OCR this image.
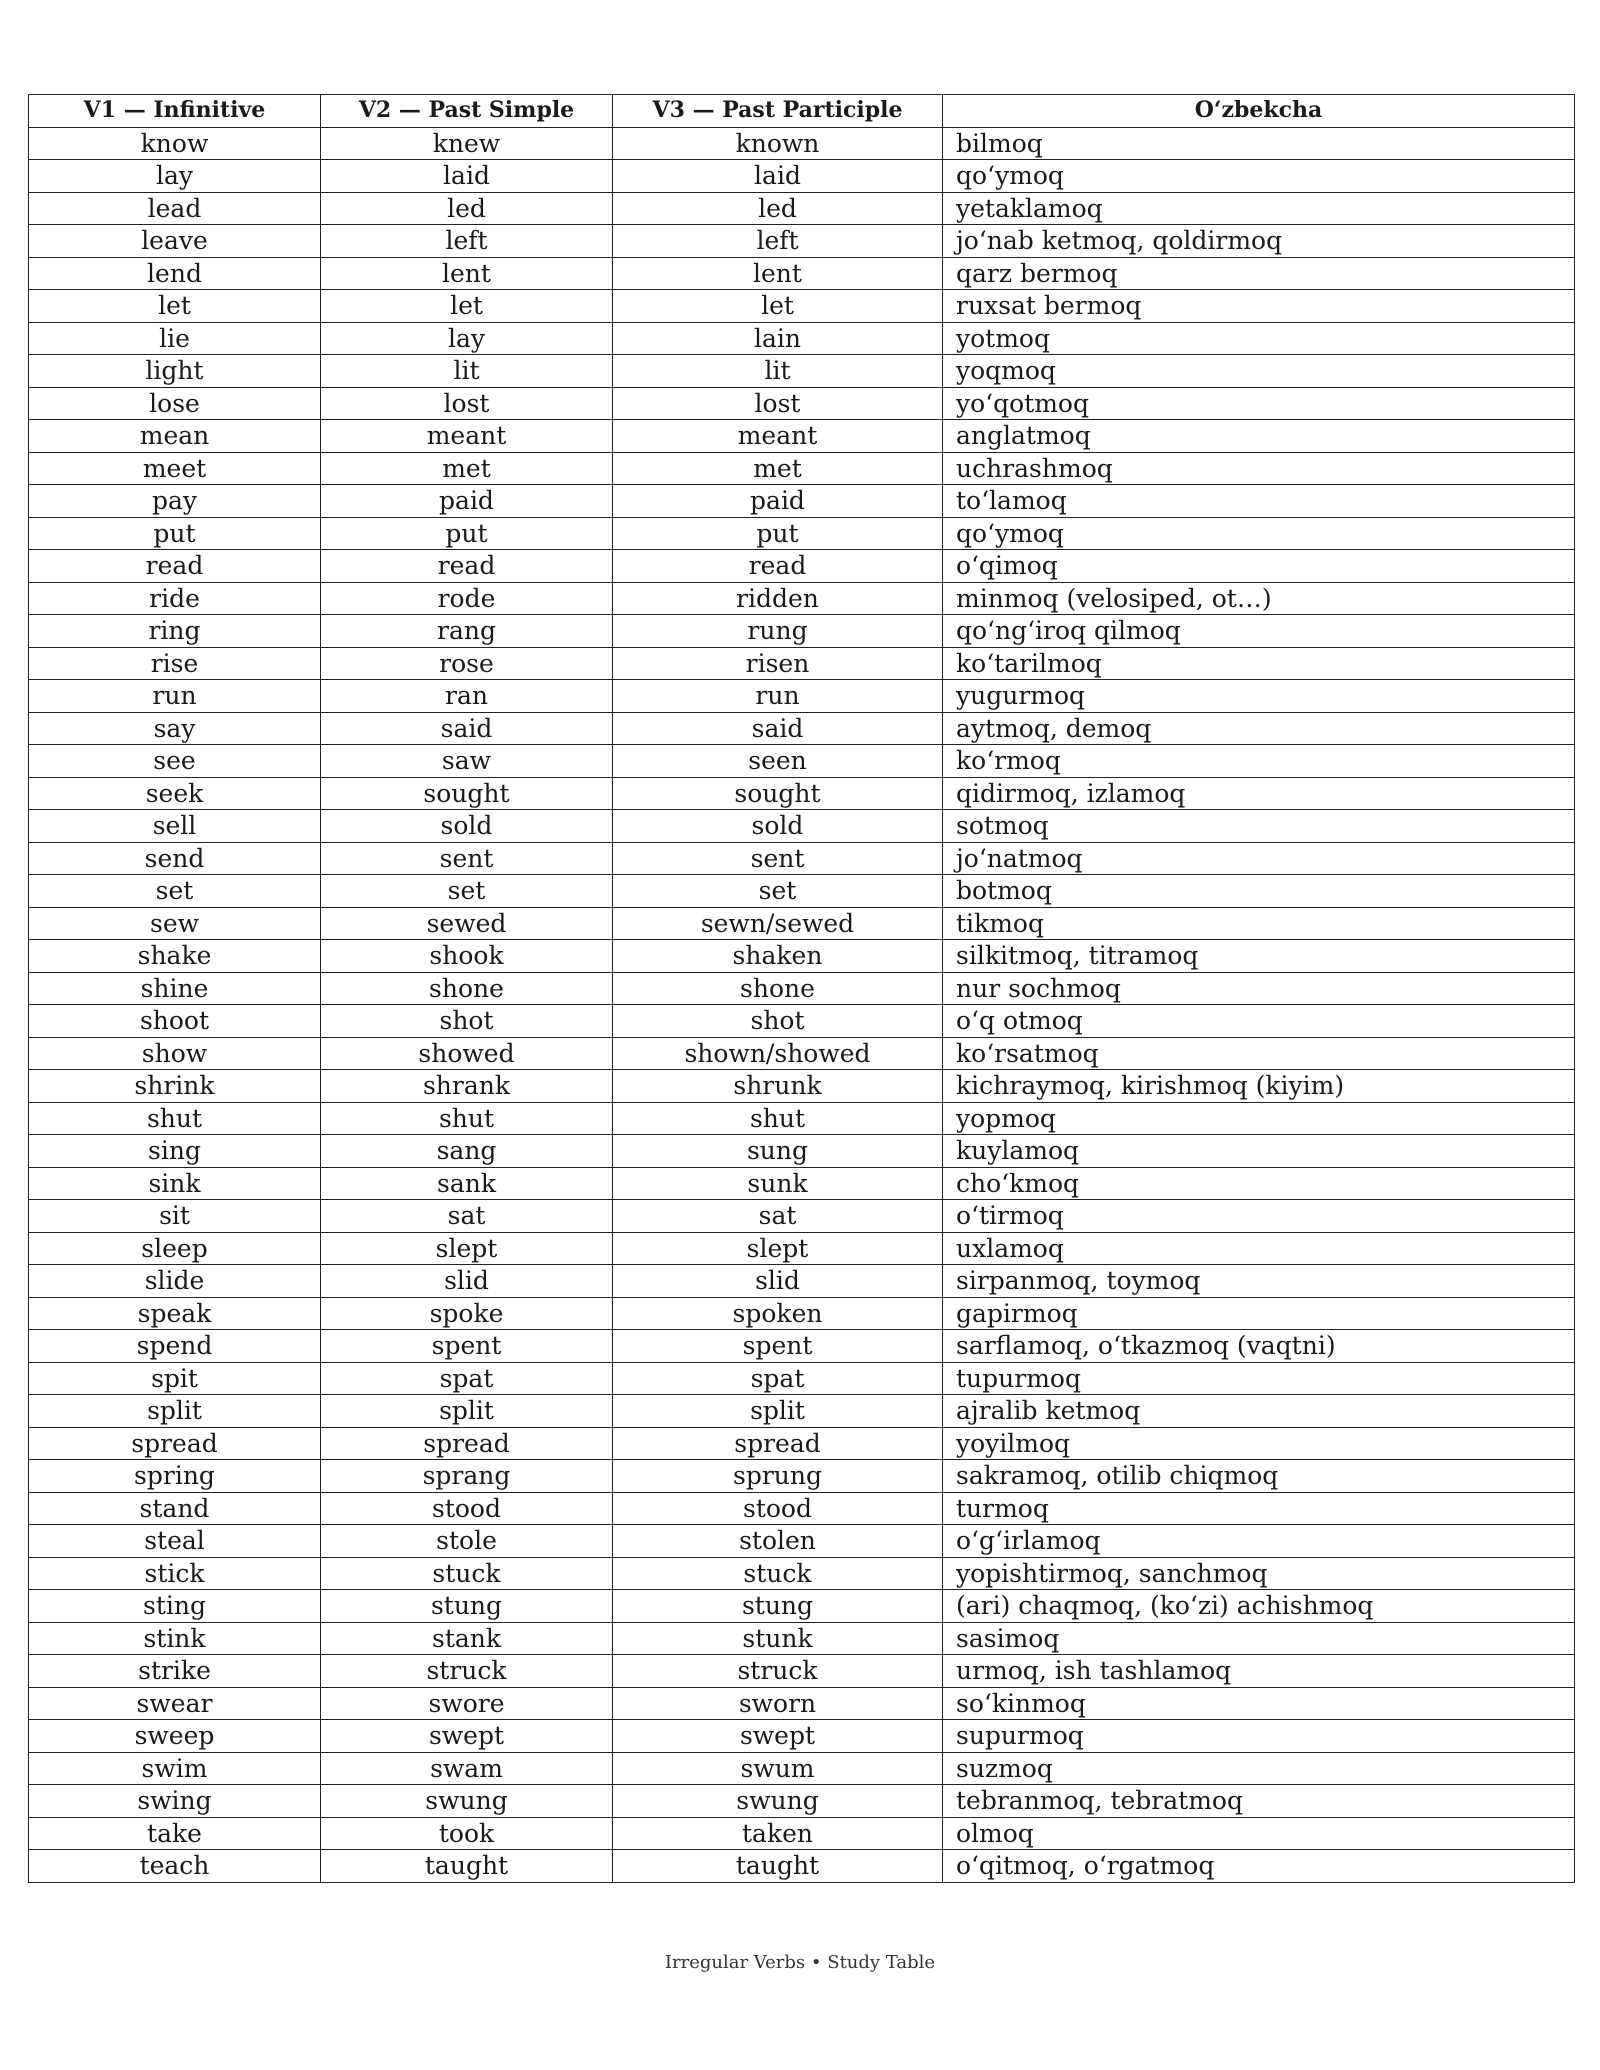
V1 — Infinitive	V2 — Past Simple	V3 — Past Participle	O‘zbekcha
know	knew	known	bilmoq
lay	laid	laid	qo‘ymoq
lead	led	led	yetaklamoq
leave	left	left	jo‘nab ketmoq, qoldirmoq
lend	lent	lent	qarz bermoq
let	let	let	ruxsat bermoq
lie	lay	lain	yotmoq
light	lit	lit	yoqmoq
lose	lost	lost	yo‘qotmoq
mean	meant	meant	anglatmoq
meet	met	met	uchrashmoq
pay	paid	paid	to‘lamoq
put	put	put	qo‘ymoq
read	read	read	o‘qimoq
ride	rode	ridden	minmoq (velosiped, ot…)
ring	rang	rung	qo‘ng‘iroq qilmoq
rise	rose	risen	ko‘tarilmoq
run	ran	run	yugurmoq
say	said	said	aytmoq, demoq
see	saw	seen	ko‘rmoq
seek	sought	sought	qidirmoq, izlamoq
sell	sold	sold	sotmoq
send	sent	sent	jo‘natmoq
set	set	set	botmoq
sew	sewed	sewn/sewed	tikmoq
shake	shook	shaken	silkitmoq, titramoq
shine	shone	shone	nur sochmoq
shoot	shot	shot	o‘q otmoq
show	showed	shown/showed	ko‘rsatmoq
shrink	shrank	shrunk	kichraymoq, kirishmoq (kiyim)
shut	shut	shut	yopmoq
sing	sang	sung	kuylamoq
sink	sank	sunk	cho‘kmoq
sit	sat	sat	o‘tirmoq
sleep	slept	slept	uxlamoq
slide	slid	slid	sirpanmoq, toymoq
speak	spoke	spoken	gapirmoq
spend	spent	spent	sarflamoq, o‘tkazmoq (vaqtni)
spit	spat	spat	tupurmoq
split	split	split	ajralib ketmoq
spread	spread	spread	yoyilmoq
spring	sprang	sprung	sakramoq, otilib chiqmoq
stand	stood	stood	turmoq
steal	stole	stolen	o‘g‘irlamoq
stick	stuck	stuck	yopishtirmoq, sanchmoq
sting	stung	stung	(ari) chaqmoq, (ko‘zi) achishmoq
stink	stank	stunk	sasimoq
strike	struck	struck	urmoq, ish tashlamoq
swear	swore	sworn	so‘kinmoq
sweep	swept	swept	supurmoq
swim	swam	swum	suzmoq
swing	swung	swung	tebranmoq, tebratmoq
take	took	taken	olmoq
teach	taught	taught	o‘qitmoq, o‘rgatmoq
Irregular Verbs • Study Table
